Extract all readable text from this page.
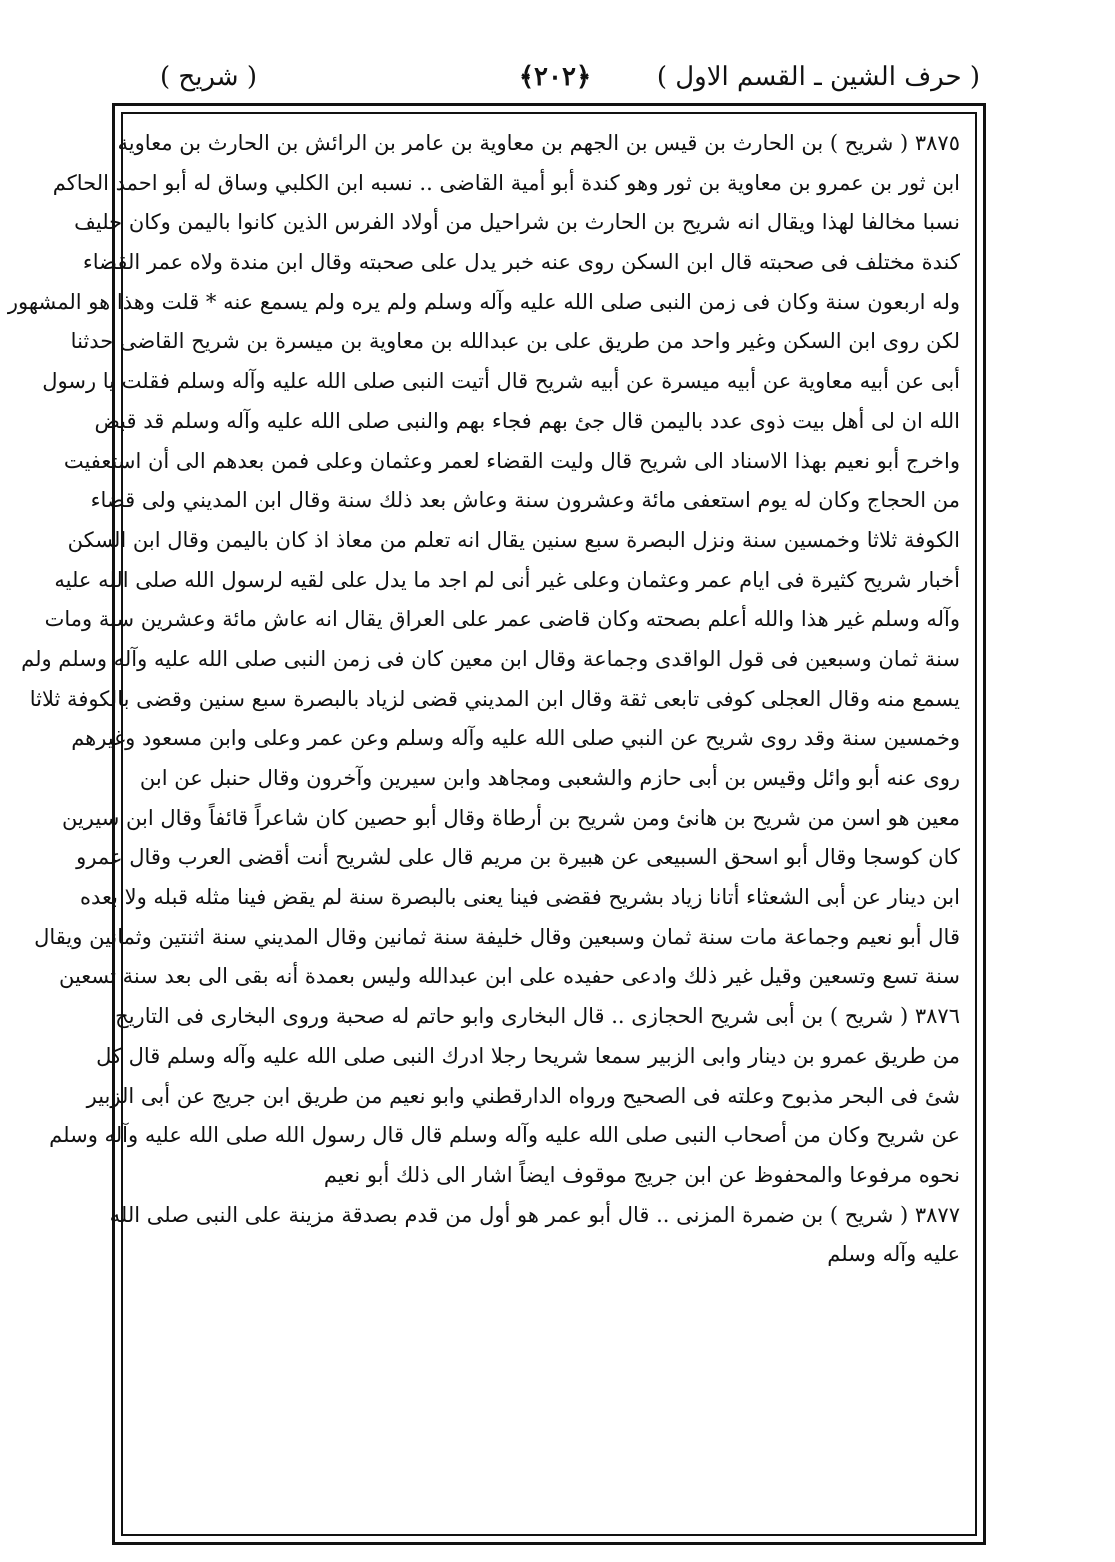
( حرف الشين ـ القسم الاول )
﴿٢٠٢﴾
( شريح )
٣٨٧٥ ( شريح ) بن الحارث بن قيس بن الجهم بن معاوية بن عامر بن الرائش بن الحارث بن معاوية
ابن ثور بن عمرو بن معاوية بن ثور وهو كندة أبو أمية القاضى .. نسبه ابن الكلبي وساق له أبو احمد الحاكم
نسبا مخالفا لهذا ويقال انه شريح بن الحارث بن شراحيل من أولاد الفرس الذين كانوا باليمن وكان حليف
كندة مختلف فى صحبته قال ابن السكن روى عنه خبر يدل على صحبته وقال ابن مندة ولاه عمر القضاء
وله اربعون سنة وكان فى زمن النبى صلى الله عليه وآله وسلم ولم يره ولم يسمع عنه * قلت وهذا هو المشهور
لكن روى ابن السكن وغير واحد من طريق على بن عبدالله بن معاوية بن ميسرة بن شريح القاضى حدثنا
أبى عن أبيه معاوية عن أبيه ميسرة عن أبيه شريح قال أتيت النبى صلى الله عليه وآله وسلم فقلت يا رسول
الله ان لى أهل بيت ذوى عدد باليمن قال جئ بهم فجاء بهم والنبى صلى الله عليه وآله وسلم قد قبض
واخرج أبو نعيم بهذا الاسناد الى شريح قال وليت القضاء لعمر وعثمان وعلى فمن بعدهم الى أن استعفيت
من الحجاج وكان له يوم استعفى مائة وعشرون سنة وعاش بعد ذلك سنة وقال ابن المديني ولى قضاء
الكوفة ثلاثا وخمسين سنة ونزل البصرة سبع سنين يقال انه تعلم من معاذ اذ كان باليمن وقال ابن السكن
أخبار شريح كثيرة فى ايام عمر وعثمان وعلى غير أنى لم اجد ما يدل على لقيه لرسول الله صلى الله عليه
وآله وسلم غير هذا والله أعلم بصحته وكان قاضى عمر على العراق يقال انه عاش مائة وعشرين سنة ومات
سنة ثمان وسبعين فى قول الواقدى وجماعة وقال ابن معين كان فى زمن النبى صلى الله عليه وآله وسلم ولم
يسمع منه وقال العجلى كوفى تابعى ثقة وقال ابن المديني قضى لزياد بالبصرة سبع سنين وقضى بالكوفة ثلاثا
وخمسين سنة وقد روى شريح عن النبي صلى الله عليه وآله وسلم وعن عمر وعلى وابن مسعود وغيرهم
روى عنه أبو وائل وقيس بن أبى حازم والشعبى ومجاهد وابن سيرين وآخرون وقال حنبل عن ابن
معين هو اسن من شريح بن هانئ ومن شريح بن أرطاة وقال أبو حصين كان شاعراً قائفاً وقال ابن سيرين
كان كوسجا وقال أبو اسحق السبيعى عن هبيرة بن مريم قال على لشريح أنت أقضى العرب وقال عمرو
ابن دينار عن أبى الشعثاء أتانا زياد بشريح فقضى فينا يعنى بالبصرة سنة لم يقض فينا مثله قبله ولا بعده
قال أبو نعيم وجماعة مات سنة ثمان وسبعين وقال خليفة سنة ثمانين وقال المديني سنة اثنتين وثمانين ويقال
سنة تسع وتسعين وقيل غير ذلك وادعى حفيده على ابن عبدالله وليس بعمدة أنه بقى الى بعد سنة تسعين
٣٨٧٦ ( شريح ) بن أبى شريح الحجازى .. قال البخارى وابو حاتم له صحبة وروى البخارى فى التاريخ
من طريق عمرو بن دينار وابى الزبير سمعا شريحا رجلا ادرك النبى صلى الله عليه وآله وسلم قال كل
شئ فى البحر مذبوح وعلته فى الصحيح ورواه الدارقطني وابو نعيم من طريق ابن جريج عن أبى الزبير
عن شريح وكان من أصحاب النبى صلى الله عليه وآله وسلم قال قال رسول الله صلى الله عليه وآله وسلم
نحوه مرفوعا والمحفوظ عن ابن جريج موقوف ايضاً اشار الى ذلك أبو نعيم
٣٨٧٧ ( شريح ) بن ضمرة المزنى .. قال أبو عمر هو أول من قدم بصدقة مزينة على النبى صلى الله
عليه وآله وسلم
